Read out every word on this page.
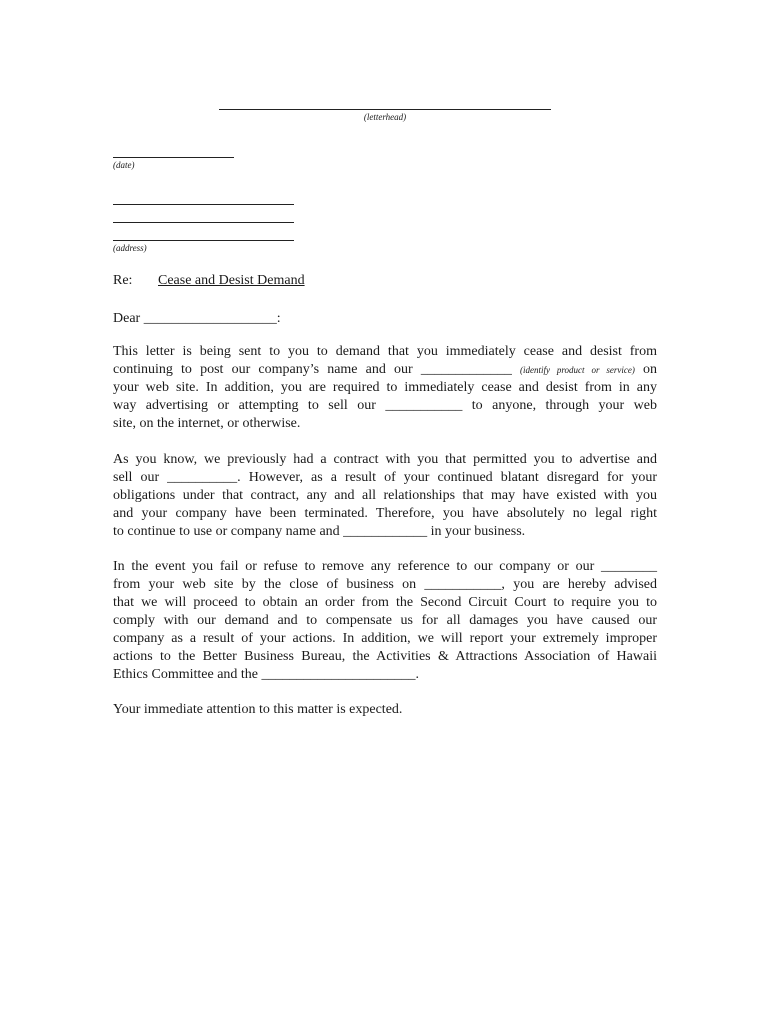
(letterhead)
(date)
(address)
Re: Cease and Desist Demand
Dear ___________________:
This letter is being sent to you to demand that you immediately cease and desist from
continuing to post our company’s name and our _____________ (identify product or service) on
your web site. In addition, you are required to immediately cease and desist from in any
way advertising or attempting to sell our ___________ to anyone, through your web
site, on the internet, or otherwise.
As you know, we previously had a contract with you that permitted you to advertise and
sell our __________. However, as a result of your continued blatant disregard for your
obligations under that contract, any and all relationships that may have existed with you
and your company have been terminated. Therefore, you have absolutely no legal right
to continue to use or company name and ____________ in your business.
In the event you fail or refuse to remove any reference to our company or our ________
from your web site by the close of business on ___________, you are hereby advised
that we will proceed to obtain an order from the Second Circuit Court to require you to
comply with our demand and to compensate us for all damages you have caused our
company as a result of your actions. In addition, we will report your extremely improper
actions to the Better Business Bureau, the Activities & Attractions Association of Hawaii
Ethics Committee and the ______________________.
Your immediate attention to this matter is expected.
